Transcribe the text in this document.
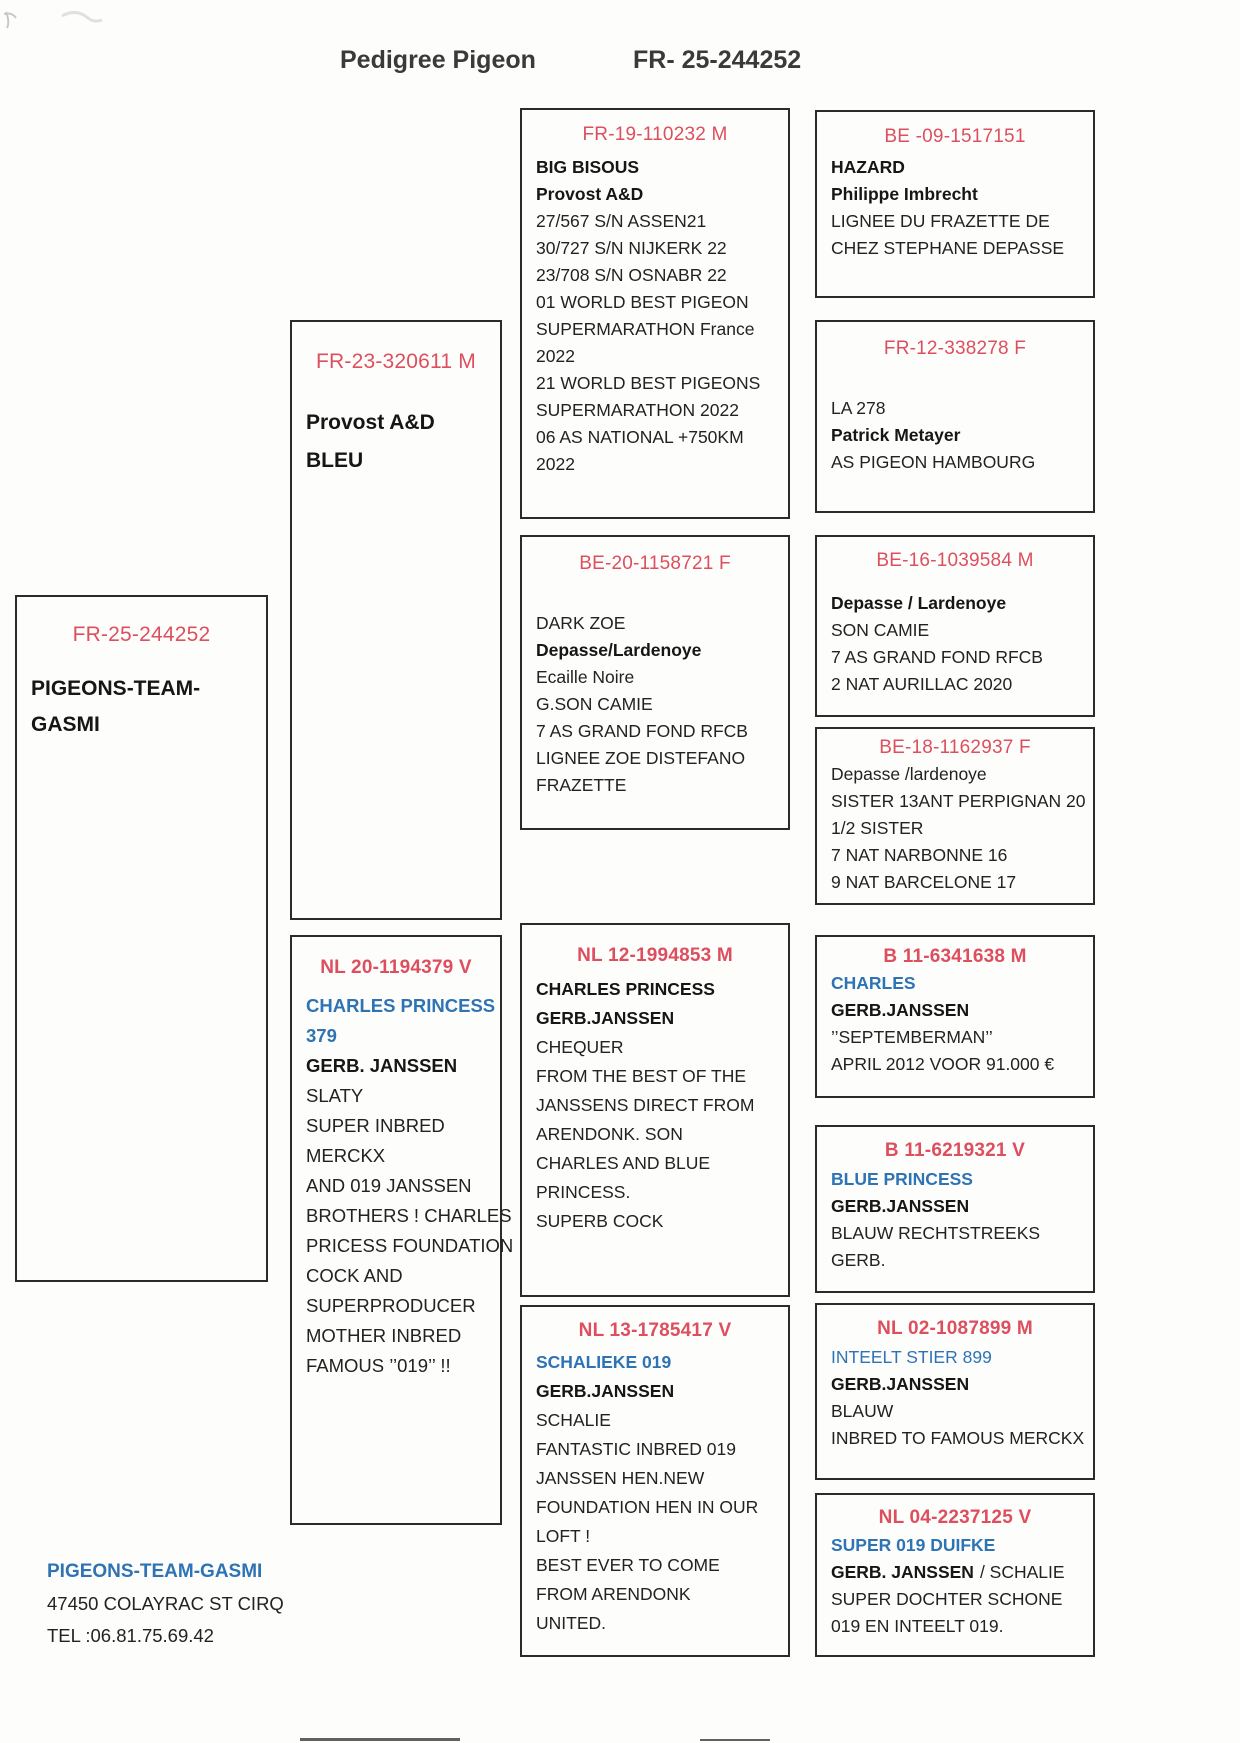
Pedigree Pigeon	FR- 25-244252
FR-25-244252
PIGEONS-TEAM-
GASMI
FR-23-320611 M
Provost A&D
BLEU
NL 20-1194379 V
CHARLES PRINCESS
379
GERB. JANSSEN
SLATY
SUPER INBRED
MERCKX
AND 019 JANSSEN
BROTHERS ! CHARLES
PRICESS FOUNDATION
COCK AND
SUPERPRODUCER
MOTHER INBRED
FAMOUS ’’019’’ !!
FR-19-110232 M
BIG BISOUS
Provost A&D
27/567 S/N ASSEN21
30/727 S/N NIJKERK 22
23/708 S/N OSNABR 22
01 WORLD BEST PIGEON
SUPERMARATHON France
2022
21 WORLD BEST PIGEONS
SUPERMARATHON 2022
06 AS NATIONAL +750KM
2022
BE-20-1158721 F
DARK ZOE
Depasse/Lardenoye
Ecaille Noire
G.SON CAMIE
7 AS GRAND FOND RFCB
LIGNEE ZOE DISTEFANO
FRAZETTE
NL 12-1994853 M
CHARLES PRINCESS
GERB.JANSSEN
CHEQUER
FROM THE BEST OF THE
JANSSENS DIRECT FROM
ARENDONK. SON
CHARLES AND BLUE
PRINCESS.
SUPERB COCK
NL 13-1785417 V
SCHALIEKE 019
GERB.JANSSEN
SCHALIE
FANTASTIC INBRED 019
JANSSEN HEN.NEW
FOUNDATION HEN IN OUR
LOFT !
BEST EVER TO COME
FROM ARENDONK
UNITED.
BE -09-1517151
HAZARD
Philippe Imbrecht
LIGNEE DU FRAZETTE DE
CHEZ STEPHANE DEPASSE
FR-12-338278 F
LA 278
Patrick Metayer
AS PIGEON HAMBOURG
BE-16-1039584 M
Depasse / Lardenoye
SON CAMIE
7 AS GRAND FOND RFCB
2 NAT AURILLAC 2020
BE-18-1162937 F
Depasse /lardenoye
SISTER 13ANT PERPIGNAN 20
1/2 SISTER
7 NAT NARBONNE 16
9 NAT BARCELONE 17
B 11-6341638 M
CHARLES
GERB.JANSSEN
’’SEPTEMBERMAN’’
APRIL 2012 VOOR 91.000 €
B 11-6219321 V
BLUE PRINCESS
GERB.JANSSEN
BLAUW RECHTSTREEKS
GERB.
NL 02-1087899 M
INTEELT STIER 899
GERB.JANSSEN
BLAUW
INBRED TO FAMOUS MERCKX
NL 04-2237125 V
SUPER 019 DUIFKE
GERB. JANSSEN / SCHALIE
SUPER DOCHTER SCHONE
019 EN INTEELT 019.
PIGEONS-TEAM-GASMI
47450 COLAYRAC ST CIRQ
TEL :06.81.75.69.42
